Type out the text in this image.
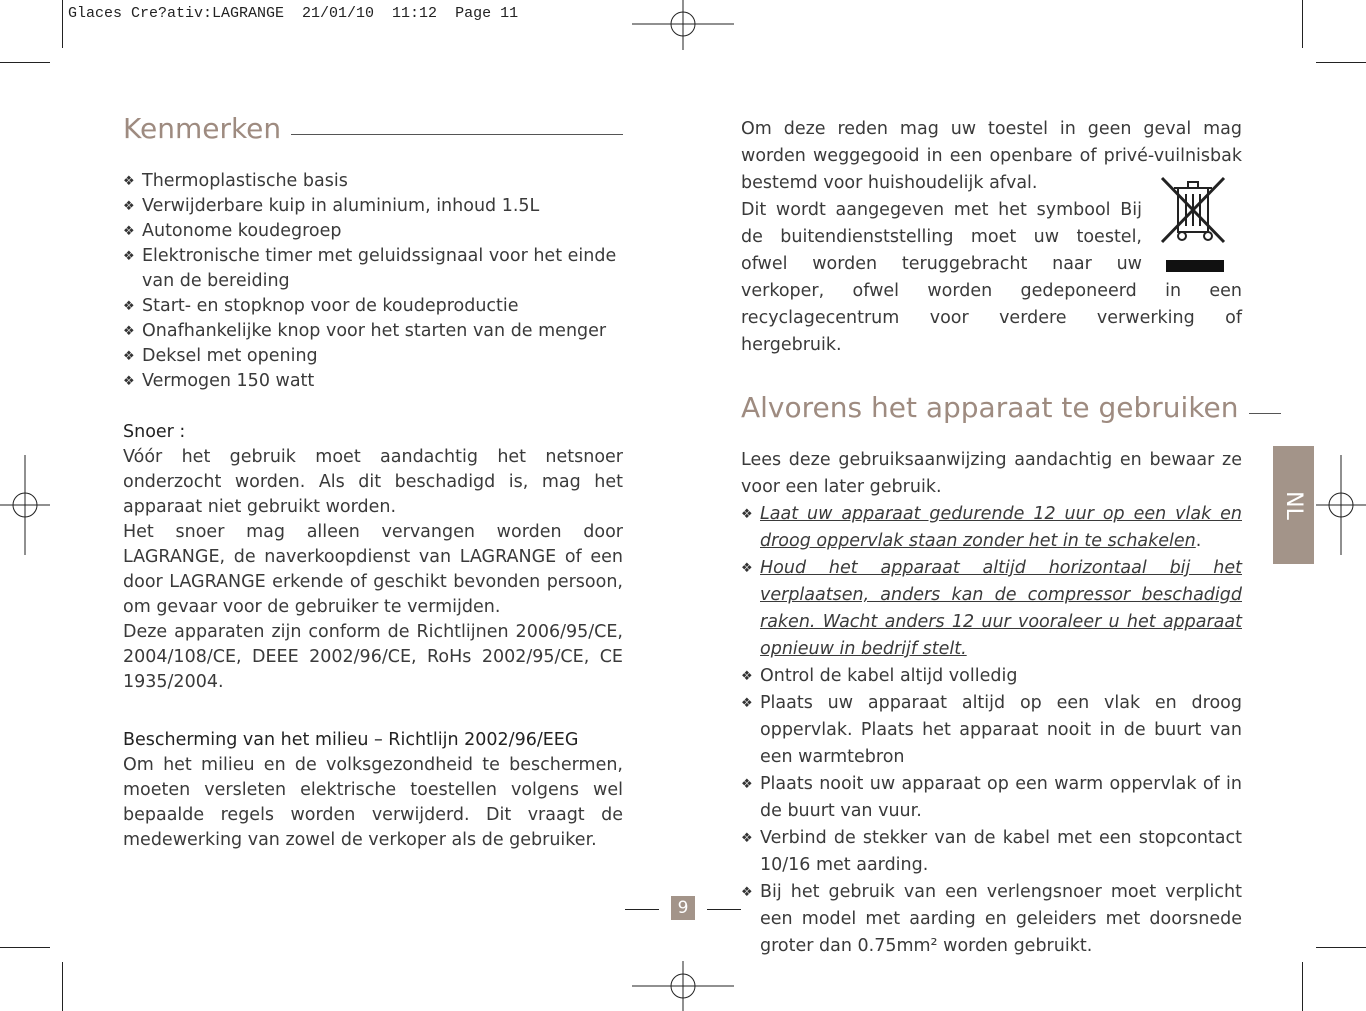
Glaces Cre?ativ:LAGRANGE  21/01/10  11:12  Page 11
Kenmerken
❖ Thermoplastische basis
❖ Verwijderbare kuip in aluminium, inhoud 1.5L
❖ Autonome koudegroep
❖ Elektronische timer met geluidssignaal voor het einde van de bereiding
❖ Start- en stopknop voor de koudeproductie
❖ Onafhankelijke knop voor het starten van de menger
❖ Deksel met opening
❖ Vermogen 150 watt

Snoer :

Vóór het gebruik moet aandachtig het netsnoer onderzocht worden. Als dit beschadigd is, mag het apparaat niet gebruikt worden.

Het snoer mag alleen vervangen worden door LAGRANGE, de naverkoopdienst van LAGRANGE of een door LAGRANGE erkende of geschikt bevonden persoon, om gevaar voor de gebruiker te vermijden.

Deze apparaten zijn conform de Richtlijnen 2006/95/CE, 2004/108/CE, DEEE 2002/96/CE, RoHs 2002/95/CE, CE 1935/2004.

Bescherming van het milieu – Richtlijn 2002/96/EEG

Om het milieu en de volksgezondheid te beschermen, moeten versleten elektrische toestellen volgens wel bepaalde regels worden verwijderd. Dit vraagt de medewerking van zowel de verkoper als de gebruiker.

Om deze reden mag uw toestel in geen geval mag worden weggegooid in een openbare of privé-vuilnisbak bestemd voor huishoudelijk afval.

Dit wordt aangegeven met het symbool Bij de buitendienststelling moet uw toestel, ofwel worden teruggebracht naar uw verkoper, ofwel worden gedeponeerd in een recyclagecentrum voor verdere verwerking of hergebruik.

Alvorens het apparaat te gebruiken

Lees deze gebruiksaanwijzing aandachtig en bewaar ze voor een later gebruik.

❖ Laat uw apparaat gedurende 12 uur op een vlak en droog oppervlak staan zonder het in te schakelen.
❖ Houd het apparaat altijd horizontaal bij het verplaatsen, anders kan de compressor beschadigd raken. Wacht anders 12 uur vooraleer u het apparaat opnieuw in bedrijf stelt.
❖ Ontrol de kabel altijd volledig
❖ Plaats uw apparaat altijd op een vlak en droog oppervlak. Plaats het apparaat nooit in de buurt van een warmtebron
❖ Plaats nooit uw apparaat op een warm oppervlak of in de buurt van vuur.
❖ Verbind de stekker van de kabel met een stopcontact 10/16 met aarding.
❖ Bij het gebruik van een verlengsnoer moet verplicht een model met aarding en geleiders met doorsnede groter dan 0.75mm² worden gebruikt.
NL
9
